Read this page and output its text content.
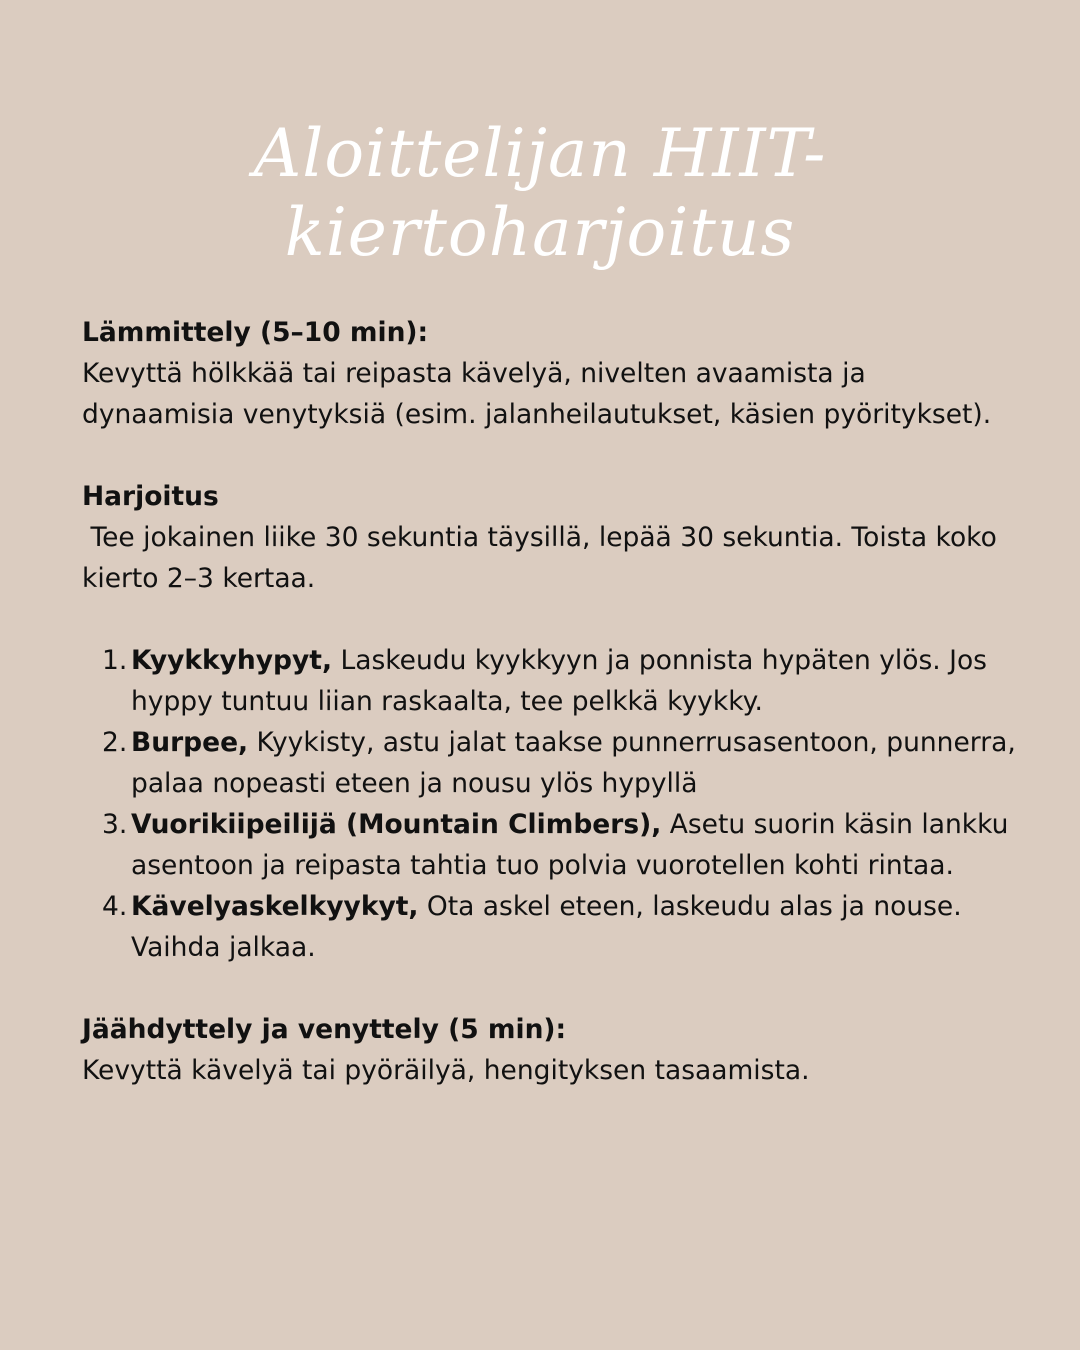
Aloittelijan HIIT-kiertoharjoitus

Lämmittely (5–10 min):
Kevyttä hölkkää tai reipasta kävelyä, nivelten avaamista ja dynaamisia venytyksiä (esim. jalanheilautukset, käsien pyöritykset).

Harjoitus
Tee jokainen liike 30 sekuntia täysillä, lepää 30 sekuntia. Toista koko kierto 2–3 kertaa.

1. Kyykkyhypyt, Laskeudu kyykkyyn ja ponnista hypäten ylös. Jos hyppy tuntuu liian raskaalta, tee pelkkä kyykky.
2. Burpee, Kyykisty, astu jalat taakse punnerrusasentoon, punnerra, palaa nopeasti eteen ja nousu ylös hypyllä
3. Vuorikiipeilijä (Mountain Climbers), Asetu suorin käsin lankku asentoon ja reipasta tahtia tuo polvia vuorotellen kohti rintaa.
4. Kävelyaskelkyykyt, Ota askel eteen, laskeudu alas ja nouse. Vaihda jalkaa.

Jäähdyttely ja venyttely (5 min):
Kevyttä kävelyä tai pyöräilyä, hengityksen tasaamista.
